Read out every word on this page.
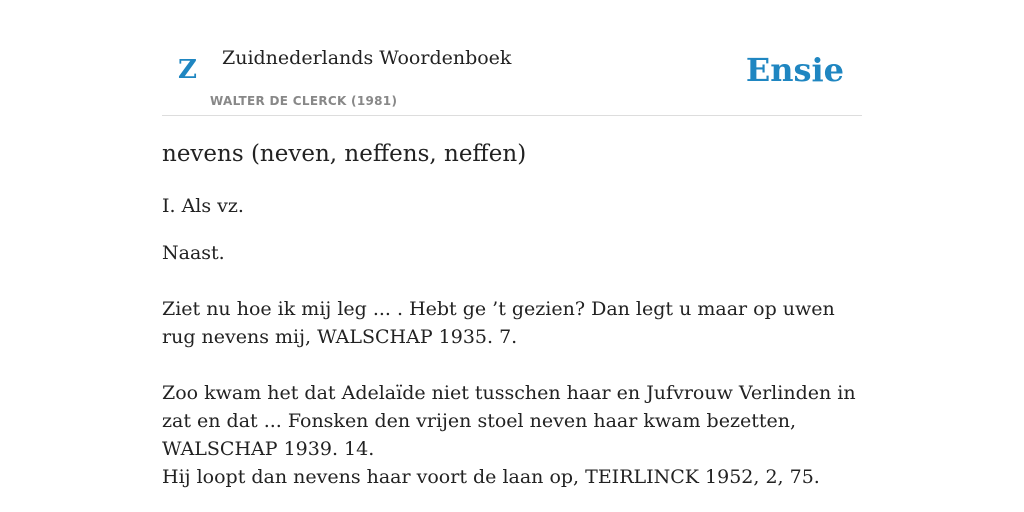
Z Zuidnederlands Woordenboek
WALTER DE CLERCK (1981)
Ensie
nevens (neven, neffens, neffen)

I. Als vz.

Naast.

Ziet nu hoe ik mij leg ... . Hebt ge ’t gezien? Dan legt u maar op uwen rug nevens mij, WALSCHAP 1935. 7.

Zoo kwam het dat Adelaïde niet tusschen haar en Jufvrouw Verlinden in zat en dat ... Fonsken den vrijen stoel neven haar kwam bezetten, WALSCHAP 1939. 14.

Hij loopt dan nevens haar voort de laan op, TEIRLINCK 1952, 2, 75.
